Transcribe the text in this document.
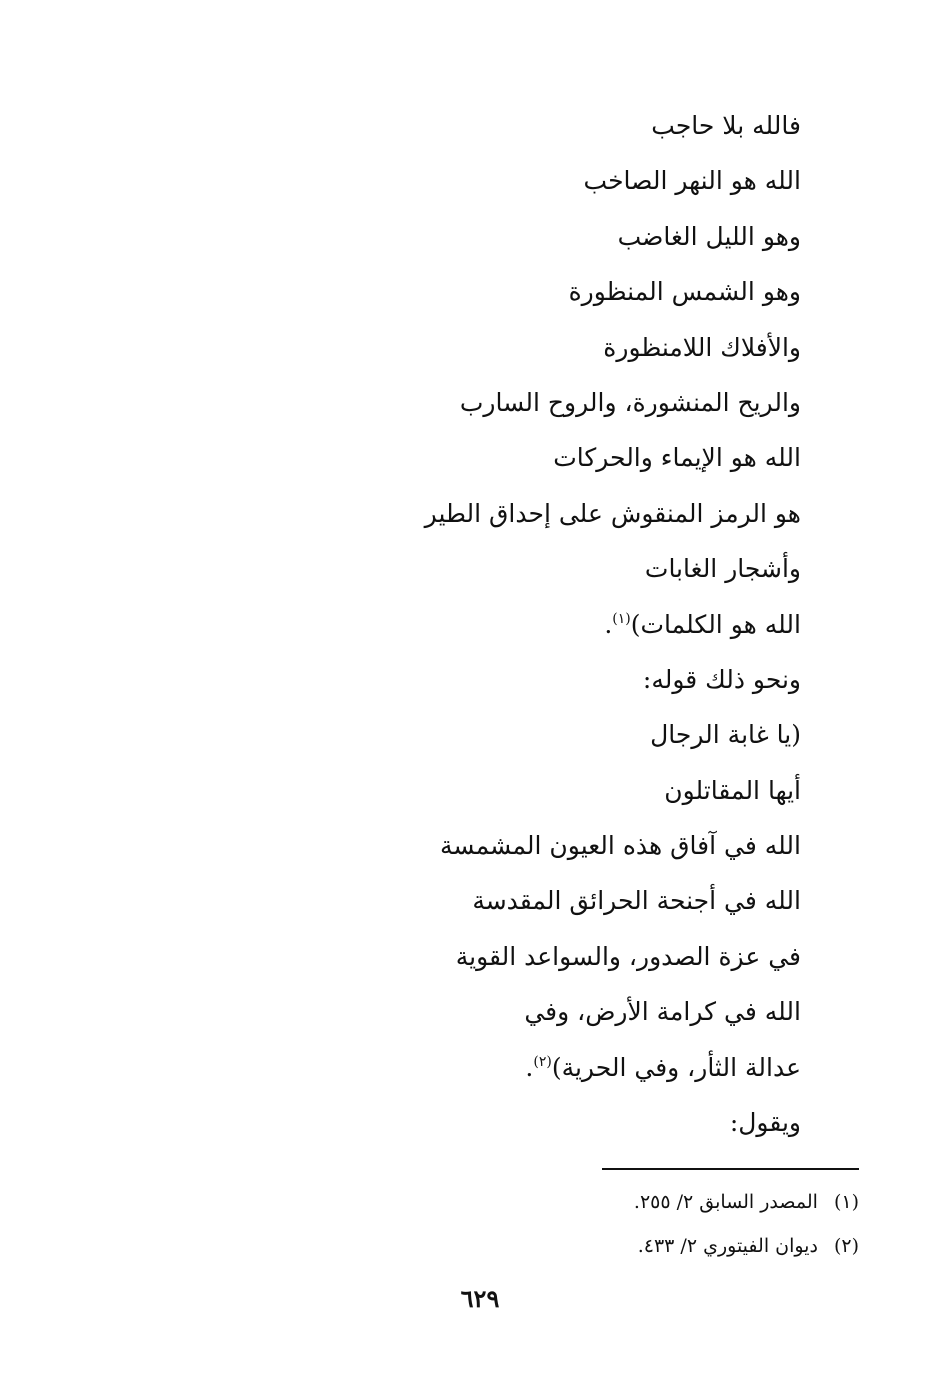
فالله بلا حاجب
الله هو النهر الصاخب
وهو الليل الغاضب
وهو الشمس المنظورة
والأفلاك اللامنظورة
والريح المنشورة، والروح السارب
الله هو الإيماء والحركات
هو الرمز المنقوش على إحداق الطير
وأشجار الغابات
الله هو الكلمات)$^{(١)}$.
ونحو ذلك قوله:
(يا غابة الرجال
أيها المقاتلون
الله في آفاق هذه العيون المشمسة
الله في أجنحة الحرائق المقدسة
في عزة الصدور، والسواعد القوية
الله في كرامة الأرض، وفي
عدالة الثأر، وفي الحرية)$^{(٢)}$.
ويقول:
(١)المصدر السابق ٢/ ٢٥٥.
(٢)ديوان الفيتوري ٢/ ٤٣٣.
٦٢٩
